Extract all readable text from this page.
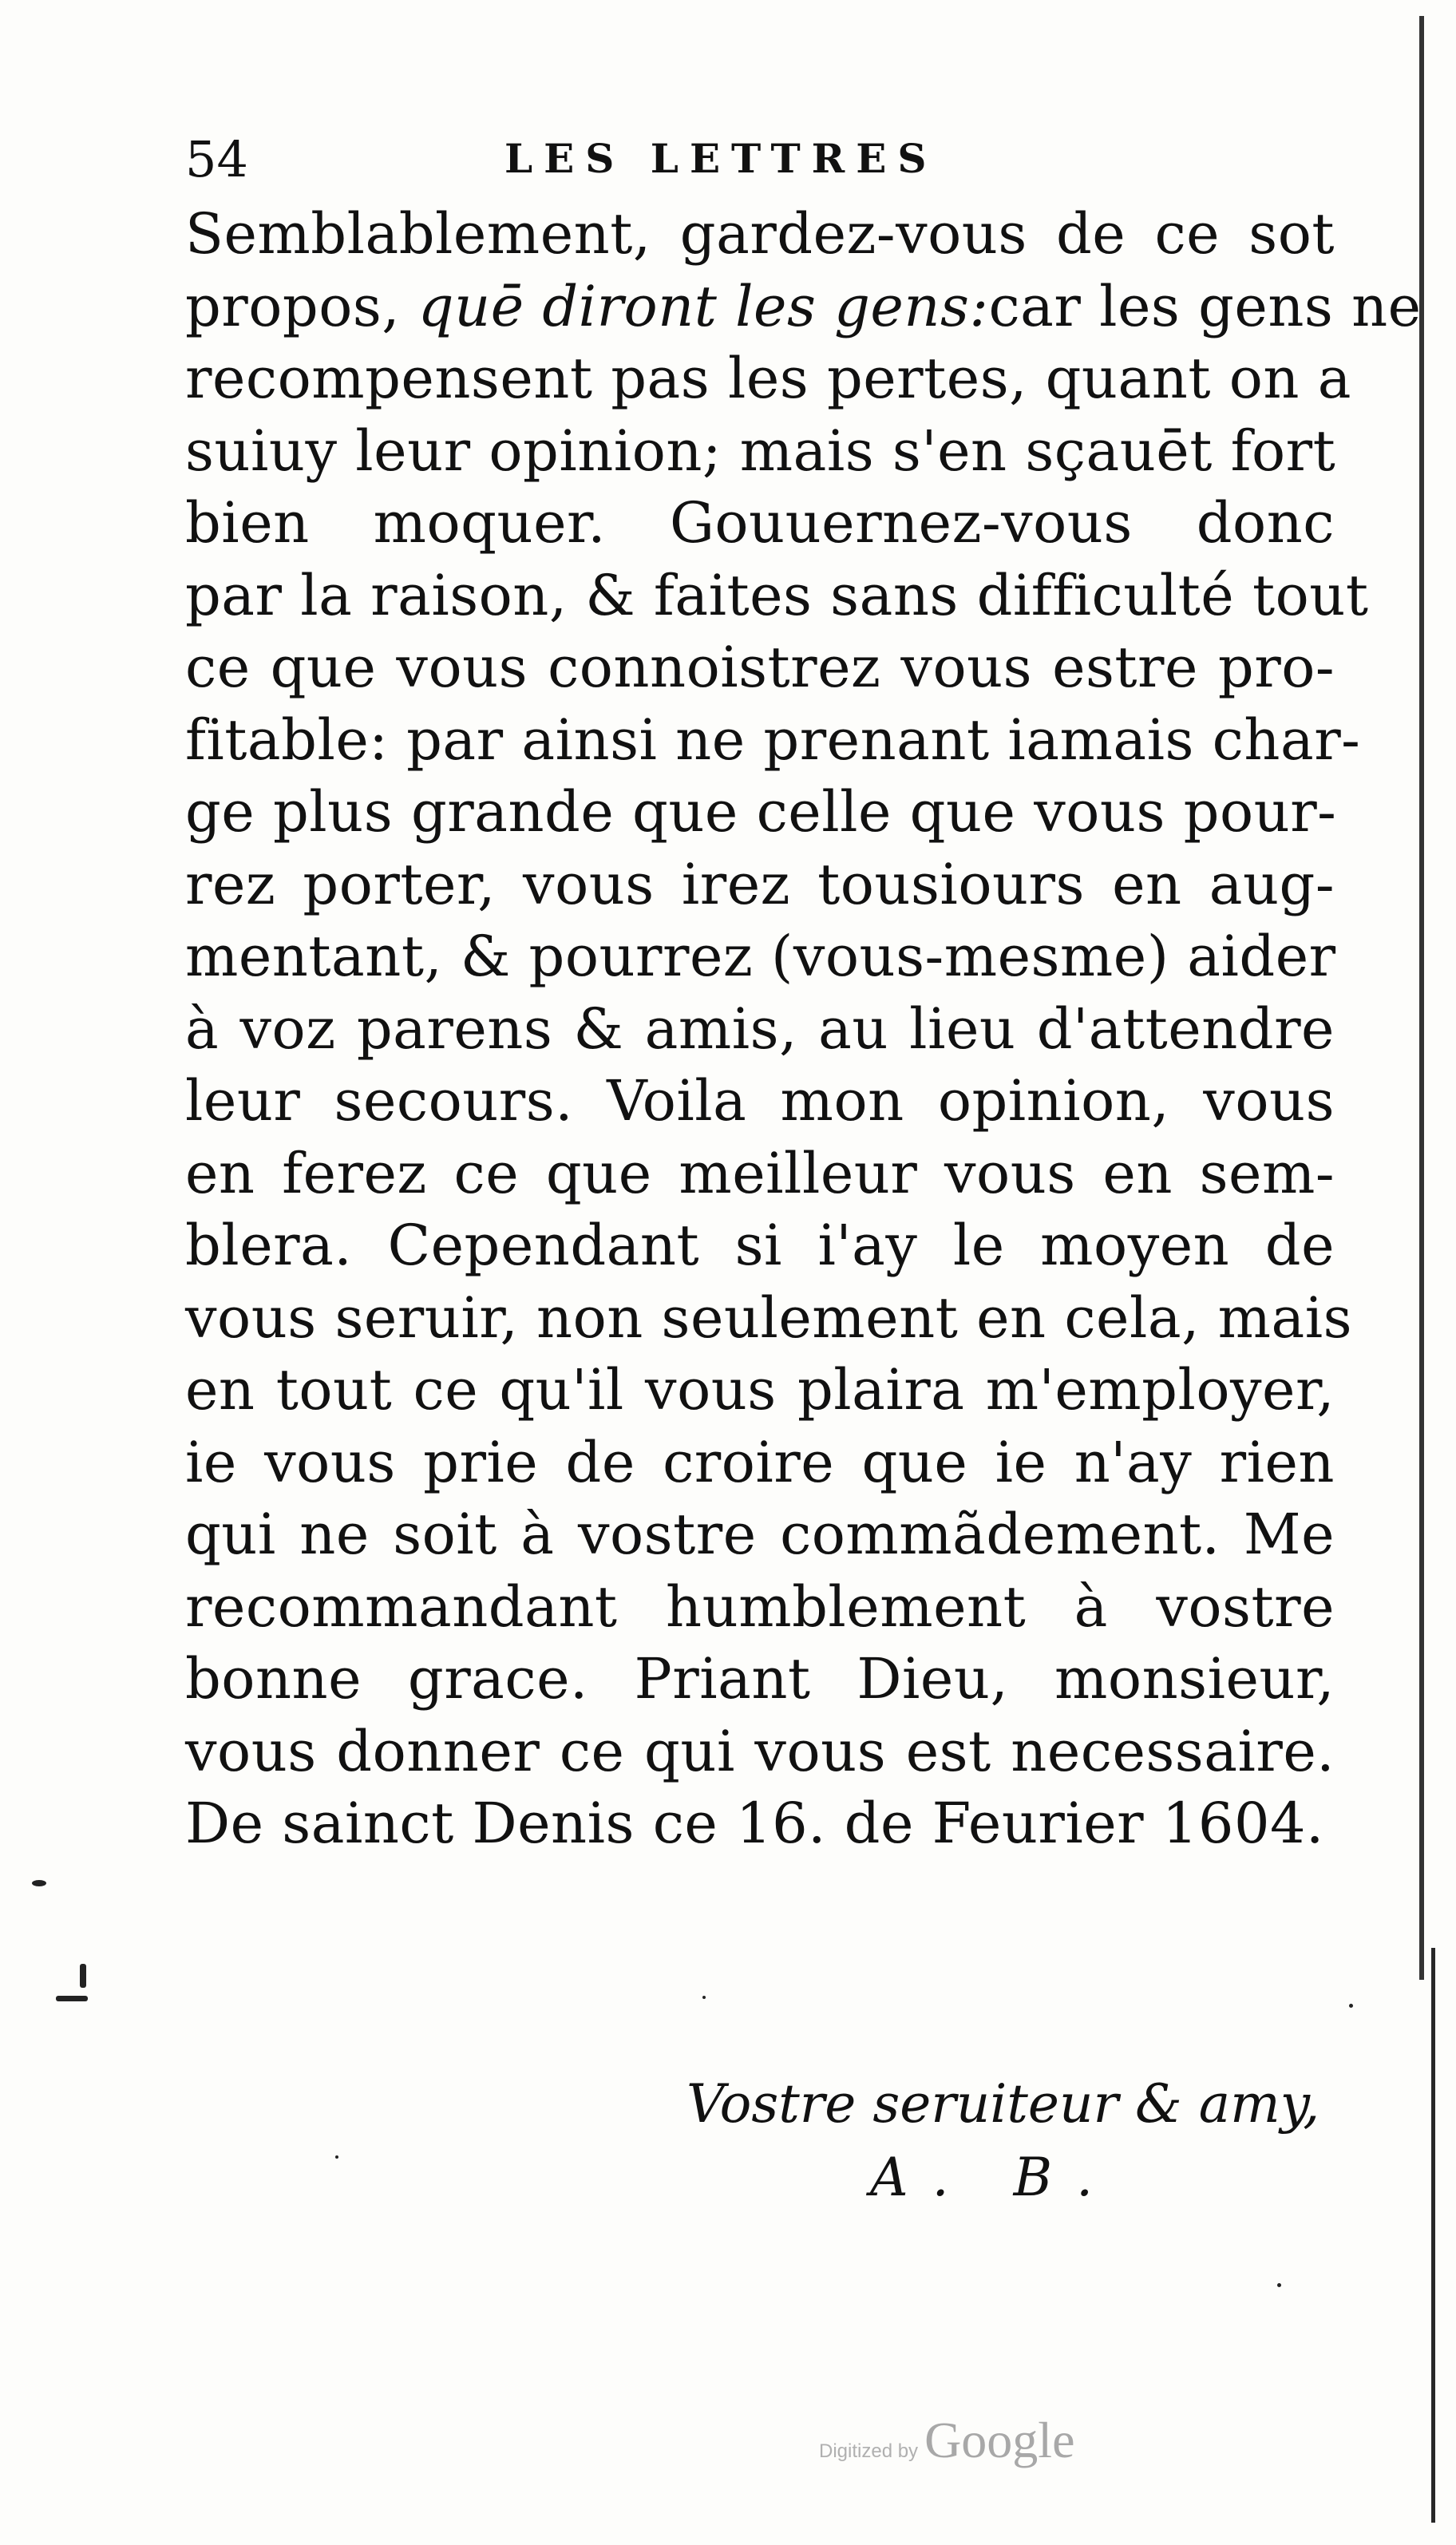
54	LES LETTRES
Semblablement, gardez-vous de ce sot
propos, quē diront les gens:car les gens ne
recompensent pas les pertes, quant on a
suiuy leur opinion; mais s'en sçauēt fort
bien moquer. Gouuernez-vous donc
par la raison, & faites sans difficulté tout
ce que vous connoistrez vous estre pro-
fitable: par ainsi ne prenant iamais char-
ge plus grande que celle que vous pour-
rez porter, vous irez tousiours en aug-
mentant, & pourrez (vous-mesme) aider
à voz parens & amis, au lieu d'attendre
leur secours. Voila mon opinion, vous
en ferez ce que meilleur vous en sem-
blera. Cependant si i'ay le moyen de
vous seruir, non seulement en cela, mais
en tout ce qu'il vous plaira m'employer,
ie vous prie de croire que ie n'ay rien
qui ne soit à vostre commãdement. Me
recommandant humblement à vostre
bonne grace. Priant Dieu, monsieur,
vous donner ce qui vous est necessaire.
De sainct Denis ce 16. de Feurier 1604.
Vostre seruiteur & amy,
A. B.
Digitized by Google
